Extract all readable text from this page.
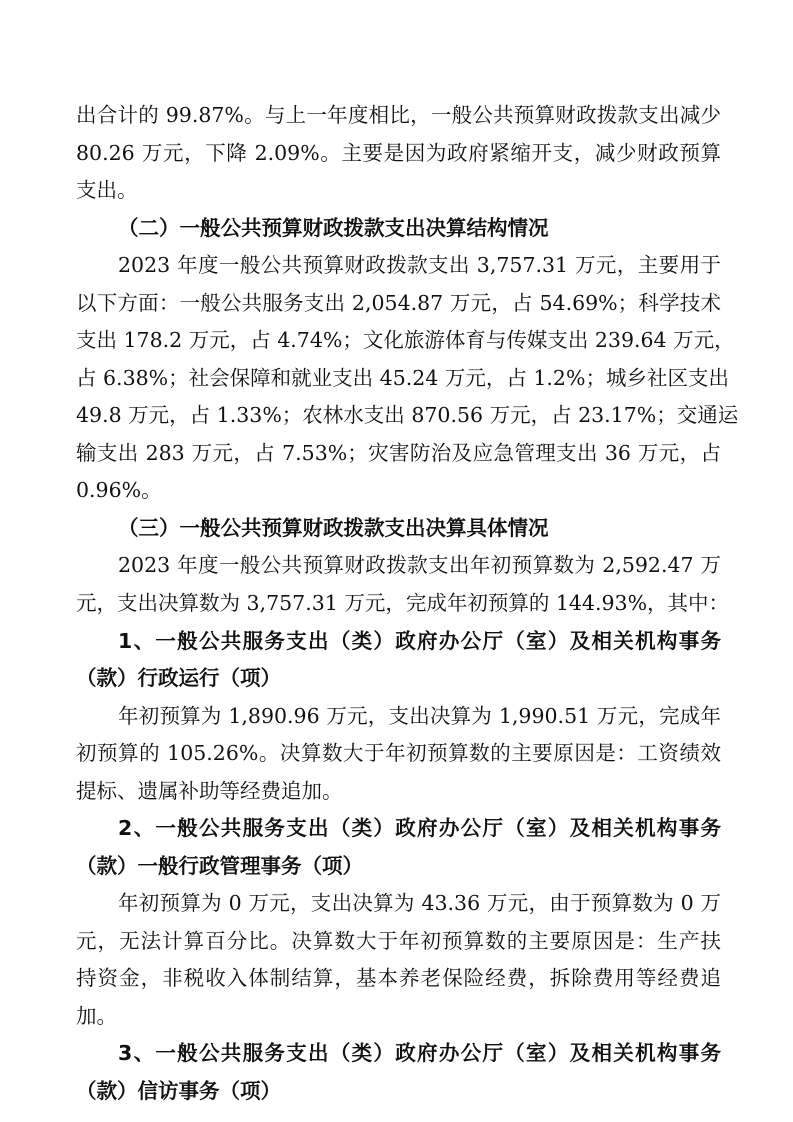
出合计的 99.87%。与上一年度相比，一般公共预算财政拨款支出减少
80.26 万元，下降 2.09%。主要是因为政府紧缩开支，减少财政预算
支出。
（二）一般公共预算财政拨款支出决算结构情况
2023 年度一般公共预算财政拨款支出 3,757.31 万元，主要用于
以下方面：一般公共服务支出 2,054.87 万元，占 54.69%；科学技术
支出 178.2 万元，占 4.74%；文化旅游体育与传媒支出 239.64 万元，
占 6.38%；社会保障和就业支出 45.24 万元，占 1.2%；城乡社区支出
49.8 万元，占 1.33%；农林水支出 870.56 万元，占 23.17%；交通运
输支出 283 万元，占 7.53%；灾害防治及应急管理支出 36 万元，占
0.96%。
（三）一般公共预算财政拨款支出决算具体情况
2023 年度一般公共预算财政拨款支出年初预算数为 2,592.47 万
元，支出决算数为 3,757.31 万元，完成年初预算的 144.93%，其中：
1、一般公共服务支出（类）政府办公厅（室）及相关机构事务
（款）行政运行（项）
年初预算为 1,890.96 万元，支出决算为 1,990.51 万元，完成年
初预算的 105.26%。决算数大于年初预算数的主要原因是：工资绩效
提标、遗属补助等经费追加。
2、一般公共服务支出（类）政府办公厅（室）及相关机构事务
（款）一般行政管理事务（项）
年初预算为 0 万元，支出决算为 43.36 万元，由于预算数为 0 万
元，无法计算百分比。决算数大于年初预算数的主要原因是：生产扶
持资金，非税收入体制结算，基本养老保险经费，拆除费用等经费追
加。
3、一般公共服务支出（类）政府办公厅（室）及相关机构事务
（款）信访事务（项）
